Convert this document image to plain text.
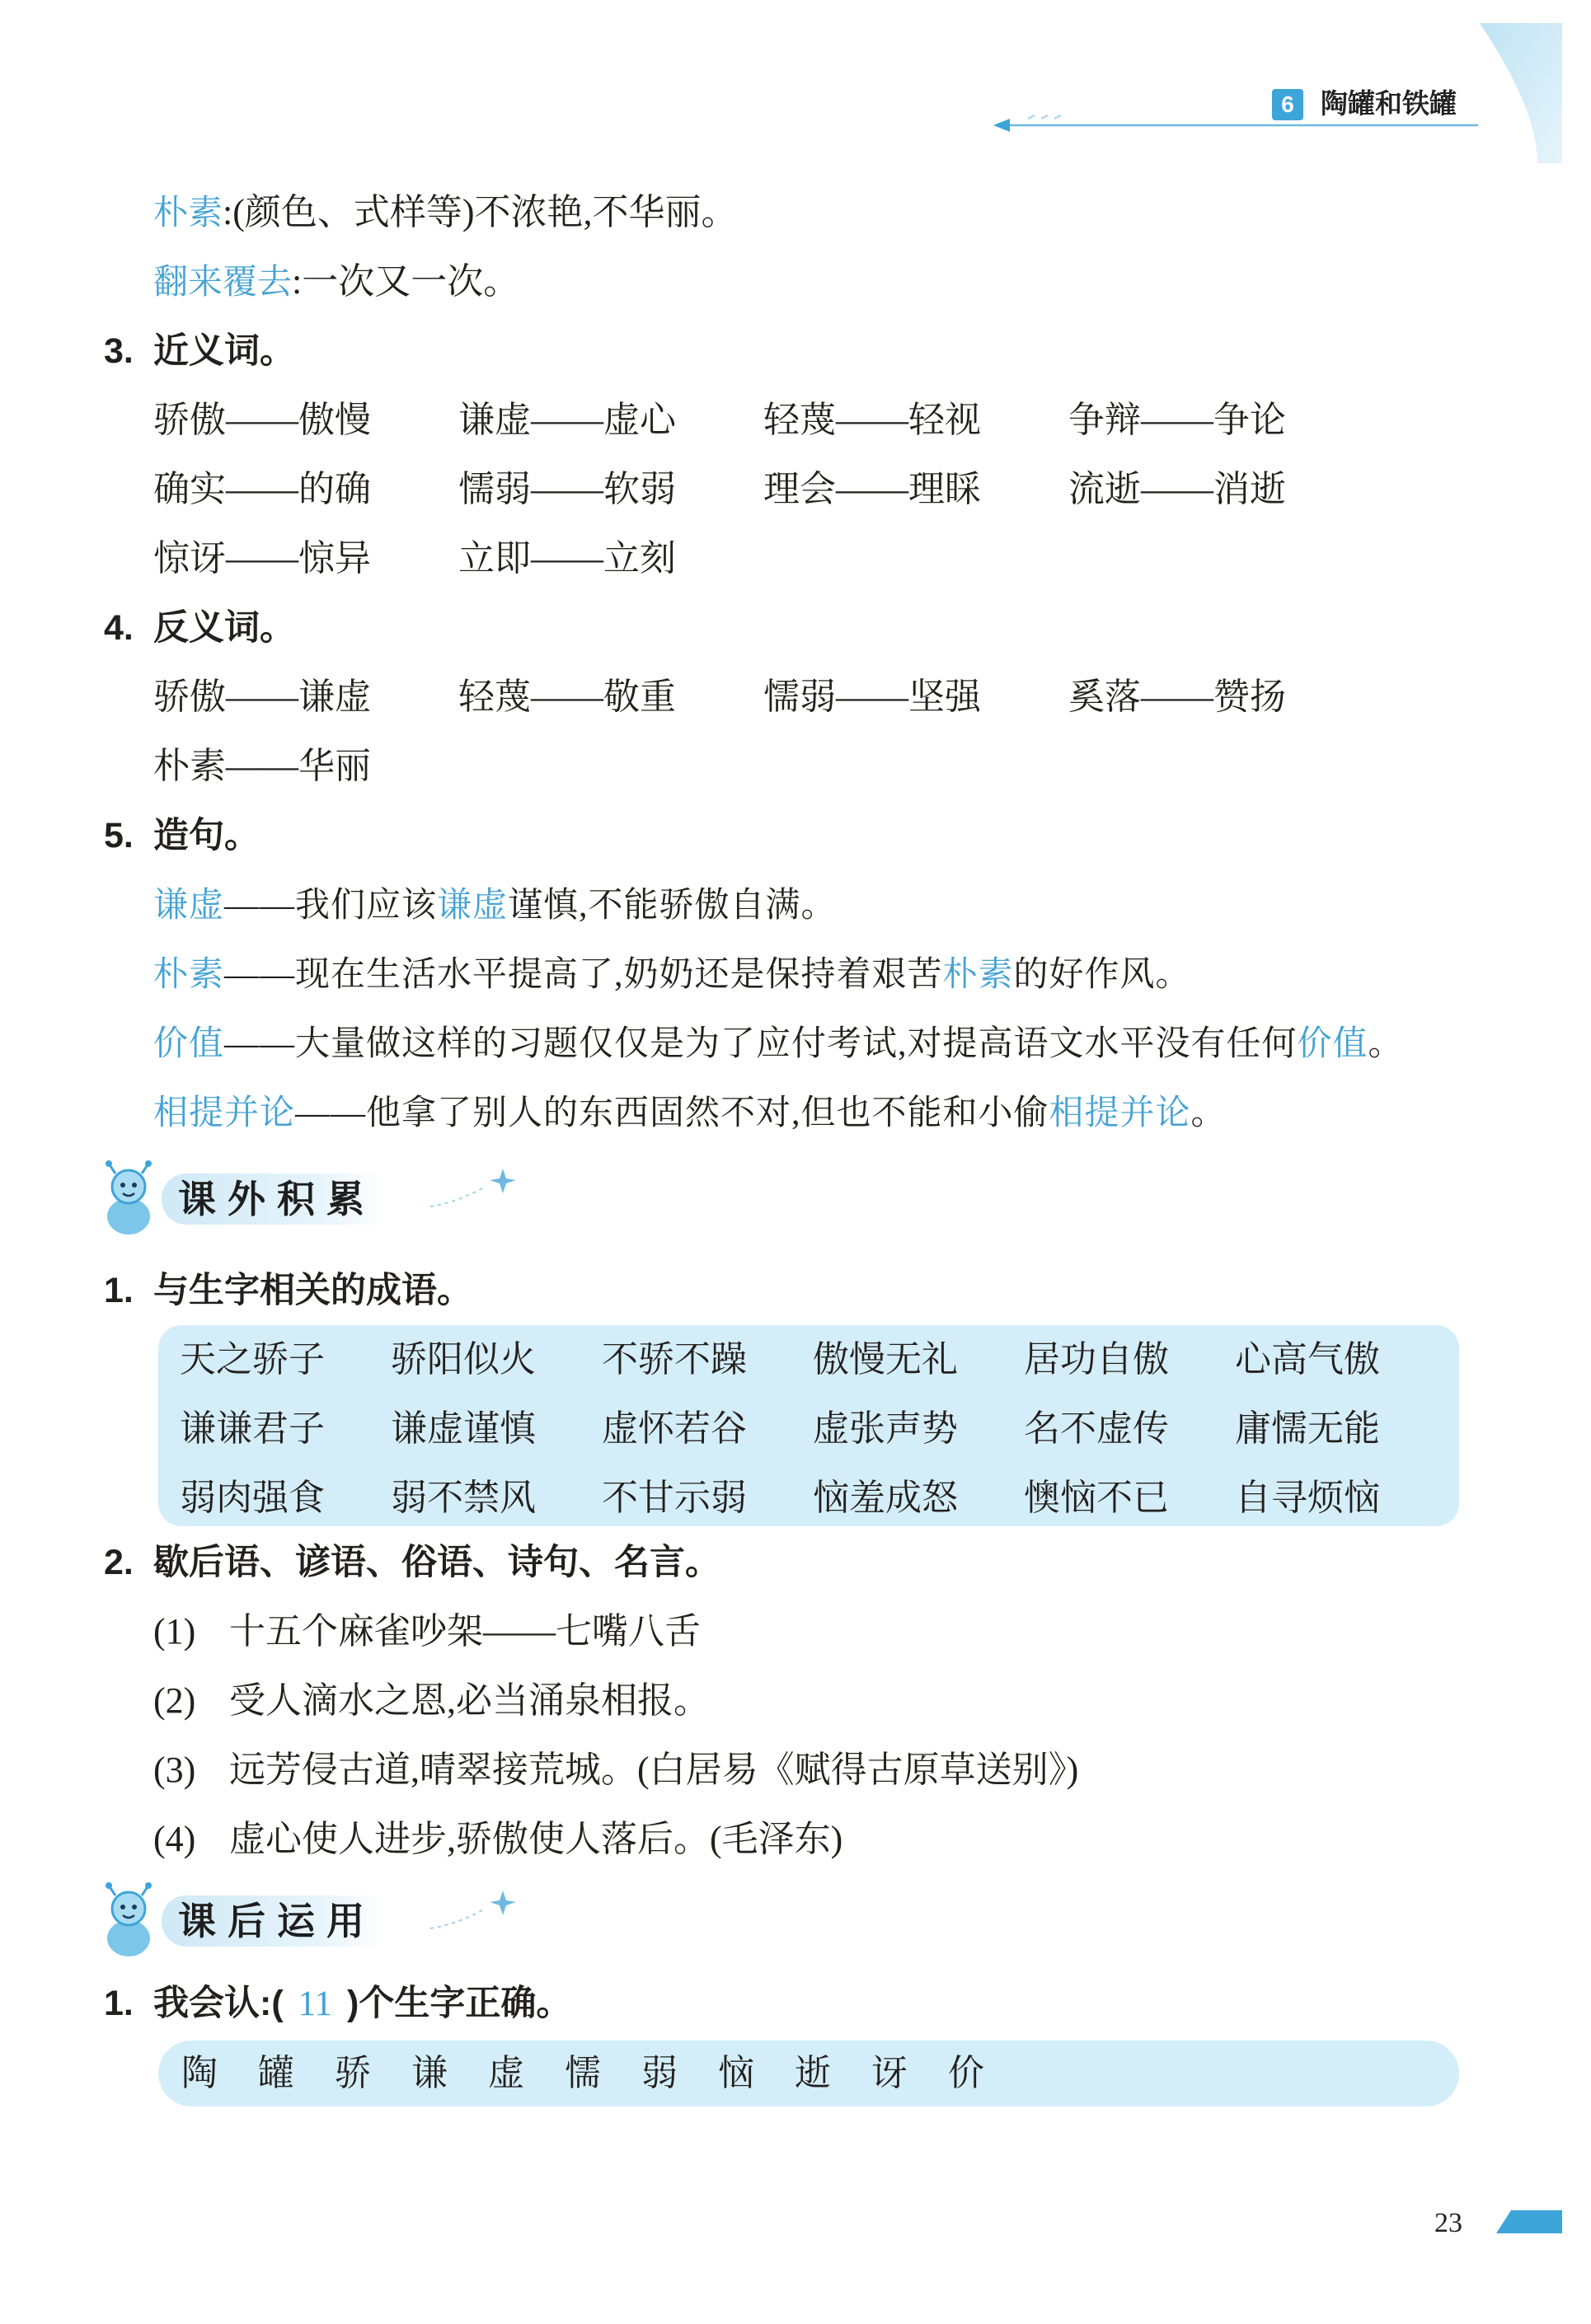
6 陶罐和铁罐
朴素:(颜色、式样等)不浓艳,不华丽。
翻来覆去:一次又一次。
3. 近义词。
骄傲——傲慢 谦虚——虚心 轻蔑——轻视 争辩——争论
确实——的确 懦弱——软弱 理会——理睬 流逝——消逝
惊讶——惊异 立即——立刻
4. 反义词。
骄傲——谦虚 轻蔑——敬重 懦弱——坚强 奚落——赞扬
朴素——华丽
5. 造句。
谦虚——我们应该谦虚谨慎,不能骄傲自满。
朴素——现在生活水平提高了,奶奶还是保持着艰苦朴素的好作风。
价值——大量做这样的习题仅仅是为了应付考试,对提高语文水平没有任何价值。
相提并论——他拿了别人的东西固然不对,但也不能和小偷相提并论。
课外积累
1. 与生字相关的成语。
天之骄子 骄阳似火 不骄不躁 傲慢无礼 居功自傲 心高气傲
谦谦君子 谦虚谨慎 虚怀若谷 虚张声势 名不虚传 庸懦无能
弱肉强食 弱不禁风 不甘示弱 恼羞成怒 懊恼不已 自寻烦恼
2. 歇后语、谚语、俗语、诗句、名言。
(1) 十五个麻雀吵架——七嘴八舌
(2) 受人滴水之恩,必当涌泉相报。
(3) 远芳侵古道,晴翠接荒城。(白居易《赋得古原草送别》)
(4) 虚心使人进步,骄傲使人落后。(毛泽东)
课后运用
1. 我会认:( 11 )个生字正确。
陶 罐 骄 谦 虚 懦 弱 恼 逝 讶 价
23
